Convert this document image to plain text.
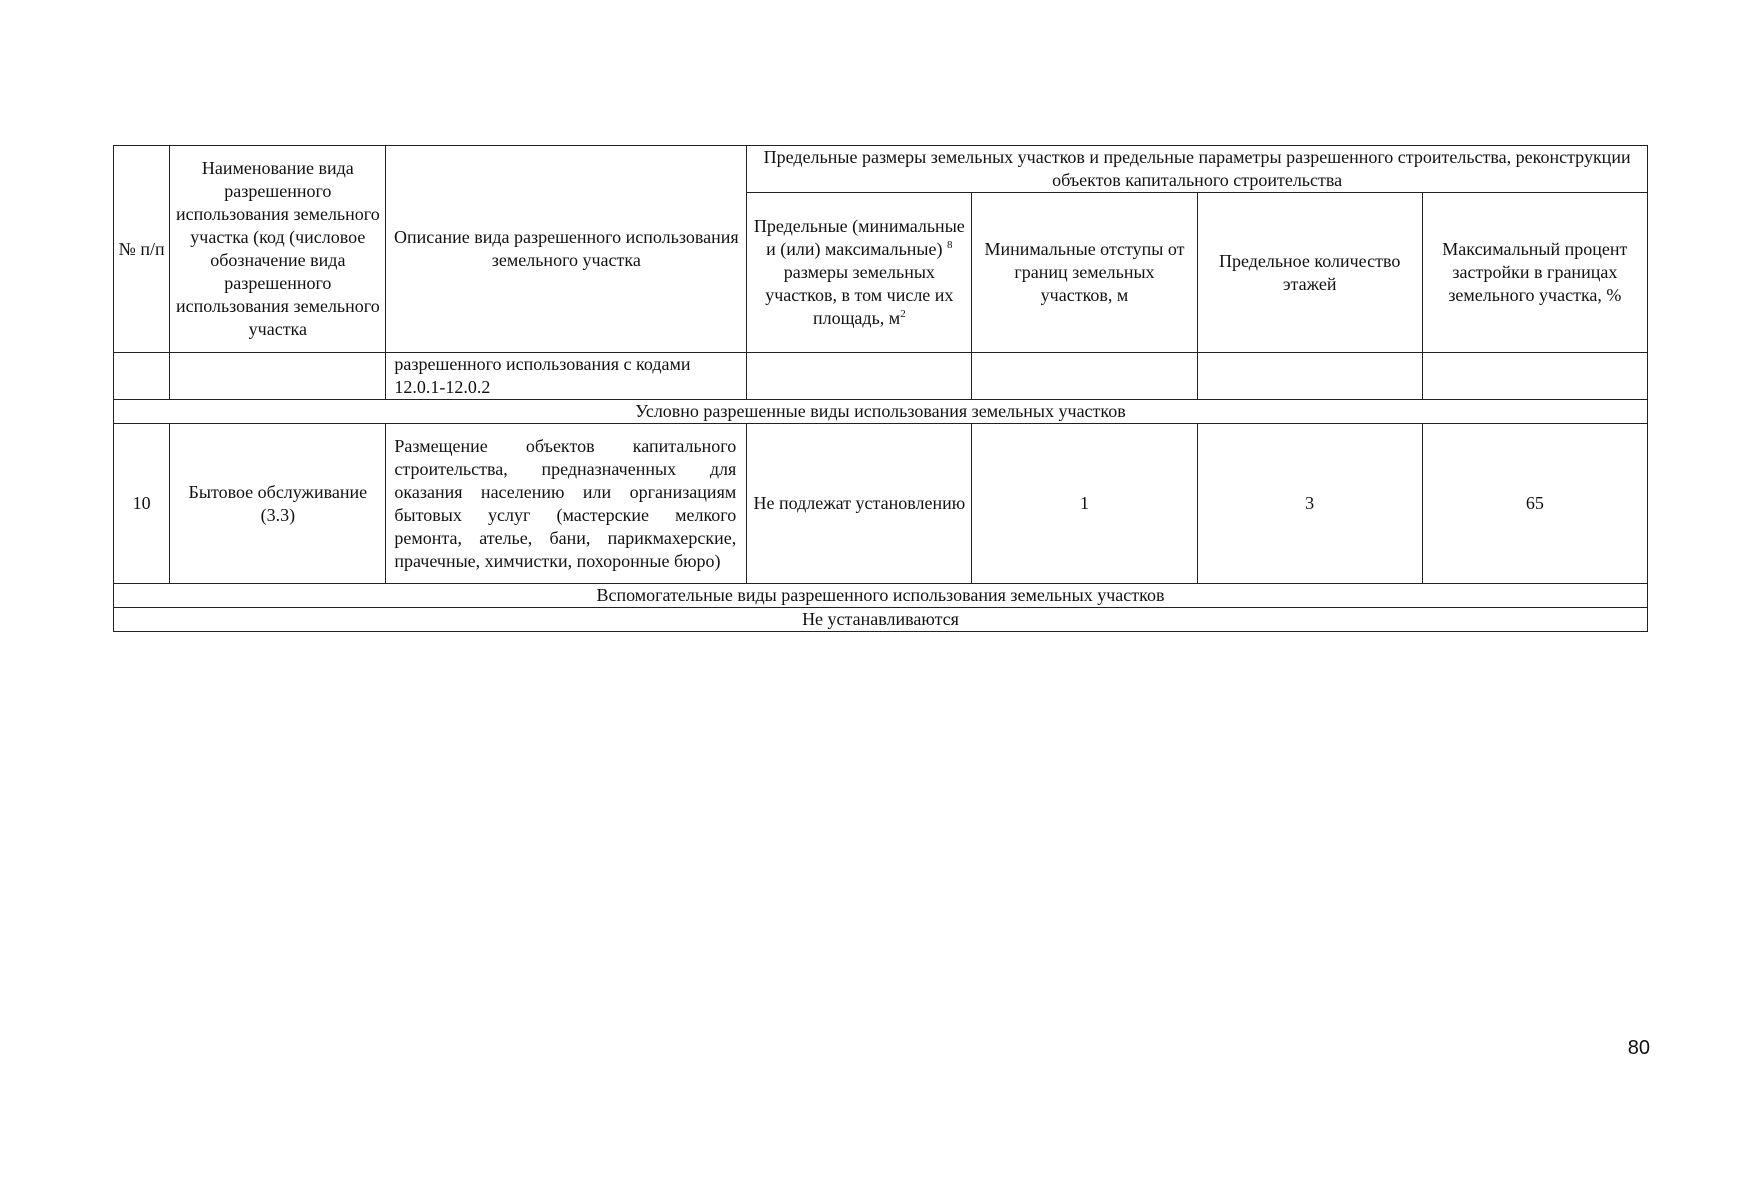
№ п/п	Наименование вида разрешенного использования земельного участка (код (числовое обозначение вида разрешенного использования земельного участка	Описание вида разрешенного использования земельного участка	Предельные размеры земельных участков и предельные параметры разрешенного строительства, реконструкции объектов капитального строительства			
			Предельные (минимальные и (или) максимальные) $^8$ размеры земельных участков, в том числе их площадь, $м^2$	Минимальные отступы от границ земельных участков, м	Предельное количество этажей	Максимальный процент застройки в границах земельного участка, %
		разрешенного использования с кодами 12.0.1-12.0.2				
Условно разрешенные виды использования земельных участков						
10	Бытовое обслуживание (3.3)	Размещение объектов капитального строительства, предназначенных для оказания населению или организациям бытовых услуг (мастерские мелкого ремонта, ателье, бани, парикмахерские, прачечные, химчистки, похоронные бюро)	Не подлежат установлению	1	3	65
Вспомогательные виды разрешенного использования земельных участков						
Не устанавливаются						
80
